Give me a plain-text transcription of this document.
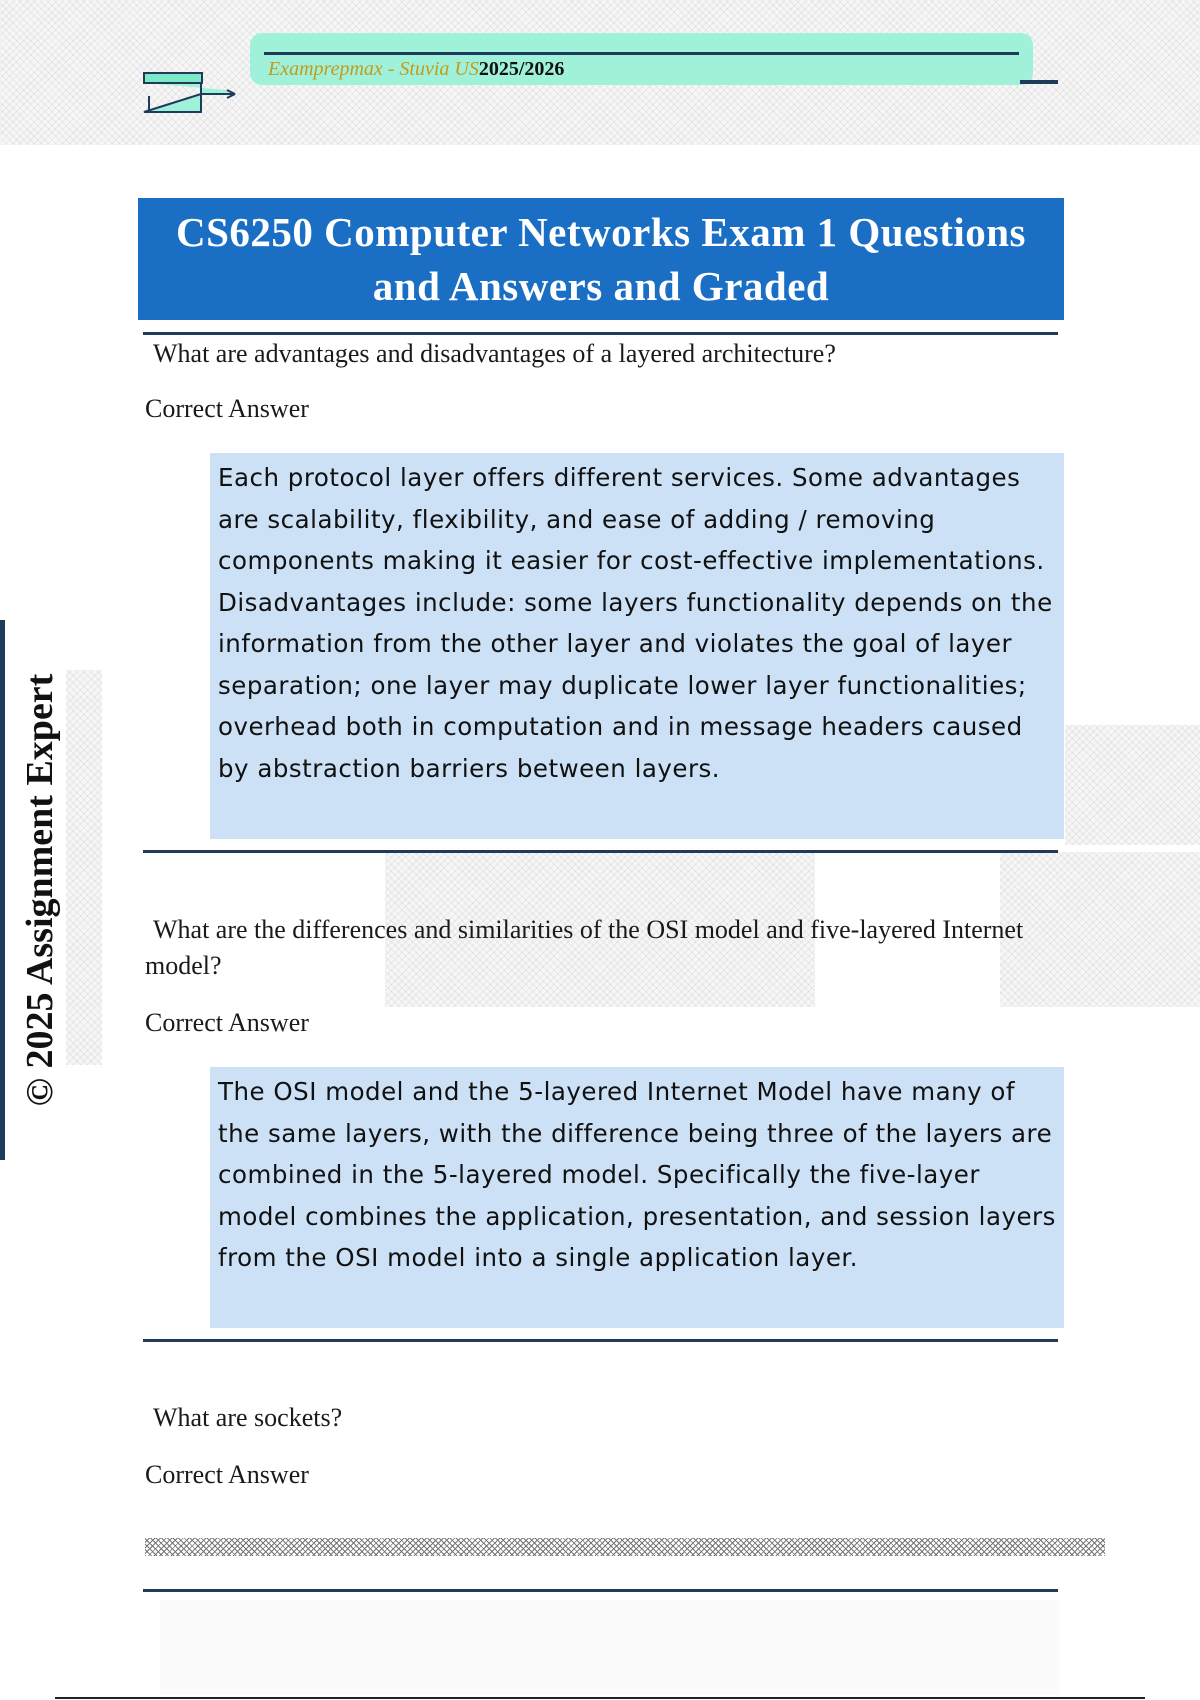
Examprepmax - Stuvia US2025/2026
© 2025 Assignment Expert
CS6250 Computer Networks Exam 1 Questions and Answers and Graded
What are advantages and disadvantages of a layered architecture?
Correct Answer
Each protocol layer offers different services. Some advantages are scalability, flexibility, and ease of adding / removing components making it easier for cost-effective implementations. Disadvantages include: some layers functionality depends on the information from the other layer and violates the goal of layer separation; one layer may duplicate lower layer functionalities; overhead both in computation and in message headers caused by abstraction barriers between layers.
What are the differences and similarities of the OSI model and five-layered Internet model?
Correct Answer
The OSI model and the 5-layered Internet Model have many of the same layers, with the difference being three of the layers are combined in the 5-layered model. Specifically the five-layer model combines the application, presentation, and session layers from the OSI model into a single application layer.
What are sockets?
Correct Answer
